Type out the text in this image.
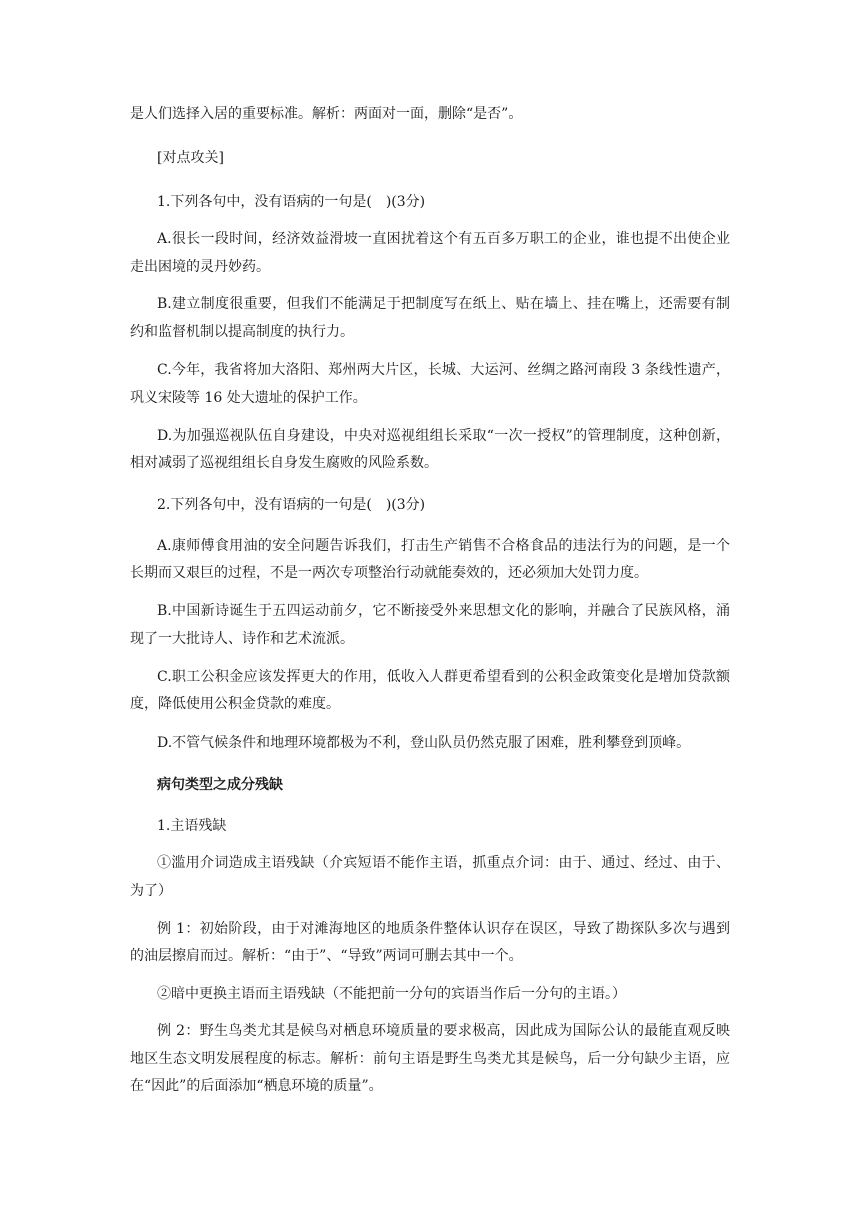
是人们选择入居的重要标准。解析：两面对一面，删除“是否”。
[对点攻关]
1.下列各句中，没有语病的一句是(　)(3分)
A.很长一段时间，经济效益滑坡一直困扰着这个有五百多万职工的企业，谁也提不出使企业
走出困境的灵丹妙药。
B.建立制度很重要，但我们不能满足于把制度写在纸上、贴在墙上、挂在嘴上，还需要有制
约和监督机制以提高制度的执行力。
C.今年，我省将加大洛阳、郑州两大片区，长城、大运河、丝绸之路河南段 3 条线性遗产，
巩义宋陵等 16 处大遗址的保护工作。
D.为加强巡视队伍自身建设，中央对巡视组组长采取“一次一授权”的管理制度，这种创新，
相对减弱了巡视组组长自身发生腐败的风险系数。
2.下列各句中，没有语病的一句是(　)(3分)
A.康师傅食用油的安全问题告诉我们，打击生产销售不合格食品的违法行为的问题，是一个
长期而又艰巨的过程，不是一两次专项整治行动就能奏效的，还必须加大处罚力度。
B.中国新诗诞生于五四运动前夕，它不断接受外来思想文化的影响，并融合了民族风格，涌
现了一大批诗人、诗作和艺术流派。
C.职工公积金应该发挥更大的作用，低收入人群更希望看到的公积金政策变化是增加贷款额
度，降低使用公积金贷款的难度。
D.不管气候条件和地理环境都极为不利，登山队员仍然克服了困难，胜利攀登到顶峰。
病句类型之成分残缺
1.主语残缺
①滥用介词造成主语残缺（介宾短语不能作主语，抓重点介词：由于、通过、经过、由于、
为了）
例 1：初始阶段，由于对滩海地区的地质条件整体认识存在误区，导致了勘探队多次与遇到
的油层擦肩而过。解析：“由于”、“导致”两词可删去其中一个。
②暗中更换主语而主语残缺（不能把前一分句的宾语当作后一分句的主语。）
例 2：野生鸟类尤其是候鸟对栖息环境质量的要求极高，因此成为国际公认的最能直观反映
地区生态文明发展程度的标志。解析：前句主语是野生鸟类尤其是候鸟，后一分句缺少主语，应
在“因此”的后面添加“栖息环境的质量”。
